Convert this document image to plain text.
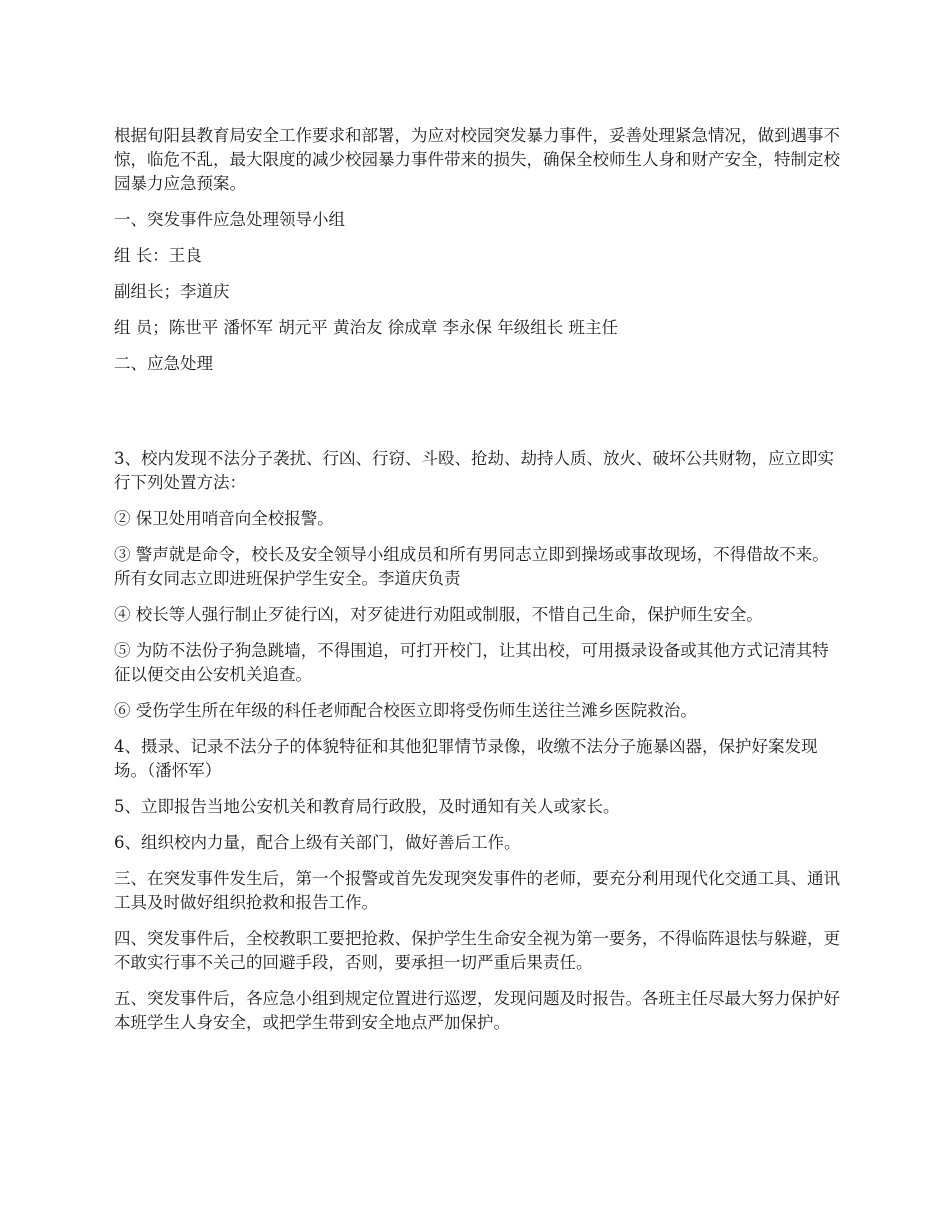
根据旬阳县教育局安全工作要求和部署，为应对校园突发暴力事件，妥善处理紧急情况，做到遇事不惊，临危不乱，最大限度的减少校园暴力事件带来的损失，确保全校师生人身和财产安全，特制定校园暴力应急预案。

一、突发事件应急处理领导小组

组 长：王良

副组长；李道庆

组 员；陈世平 潘怀军 胡元平 黄治友 徐成章 李永保 年级组长 班主任

二、应急处理

3、校内发现不法分子袭扰、行凶、行窃、斗殴、抢劫、劫持人质、放火、破坏公共财物，应立即实行下列处置方法：

② 保卫处用哨音向全校报警。

③ 警声就是命令，校长及安全领导小组成员和所有男同志立即到操场或事故现场，不得借故不来。所有女同志立即进班保护学生安全。李道庆负责

④ 校长等人强行制止歹徒行凶，对歹徒进行劝阻或制服，不惜自己生命，保护师生安全。

⑤ 为防不法份子狗急跳墙，不得围追，可打开校门，让其出校，可用摄录设备或其他方式记清其特征以便交由公安机关追查。

⑥ 受伤学生所在年级的科任老师配合校医立即将受伤师生送往兰滩乡医院救治。

4、摄录、记录不法分子的体貌特征和其他犯罪情节录像，收缴不法分子施暴凶器，保护好案发现场。（潘怀军）

5、立即报告当地公安机关和教育局行政股，及时通知有关人或家长。

6、组织校内力量，配合上级有关部门，做好善后工作。

三、在突发事件发生后，第一个报警或首先发现突发事件的老师，要充分利用现代化交通工具、通讯工具及时做好组织抢救和报告工作。

四、突发事件后，全校教职工要把抢救、保护学生生命安全视为第一要务，不得临阵退怯与躲避，更不敢实行事不关己的回避手段，否则，要承担一切严重后果责任。

五、突发事件后，各应急小组到规定位置进行巡逻，发现问题及时报告。各班主任尽最大努力保护好本班学生人身安全，或把学生带到安全地点严加保护。
